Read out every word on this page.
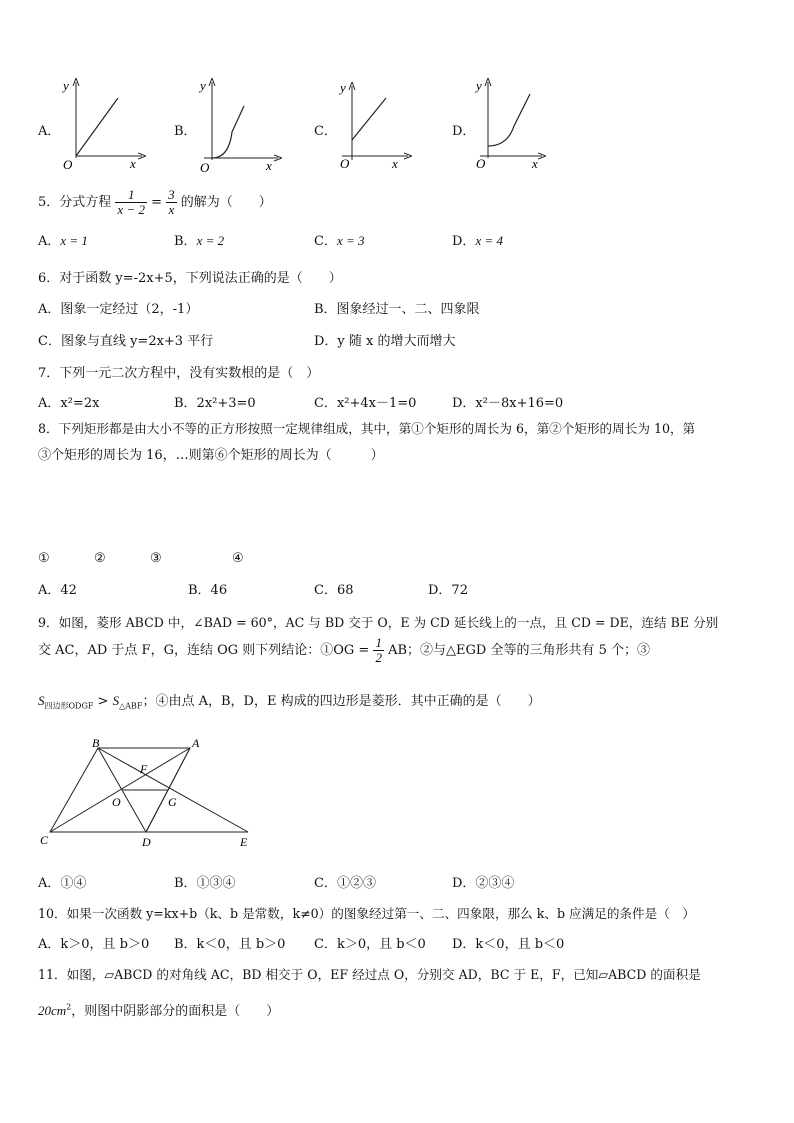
A．	B．	C．	D．
y
x
O
y
x
O
y
x
O
y
x
O
5．分式方程 $\frac{1}{x - 2} = \frac{3}{x}$ 的解为（　　）
A．x = 1	B．x = 2	C．x = 3	D．x = 4
6．对于函数 y=-2x+5，下列说法正确的是（　　）
A．图象一定经过（2，-1）	B．图象经过一、二、四象限
C．图象与直线 y=2x+3 平行	D．y 随 x 的增大而增大
7．下列一元二次方程中，没有实数根的是（　）
A．x²=2x	B．2x²+3=0	C．x²+4x－1=0	D．x²－8x+16=0
8．下列矩形都是由大小不等的正方形按照一定规律组成，其中，第①个矩形的周长为 6，第②个矩形的周长为 10，第
③个矩形的周长为 16，…则第⑥个矩形的周长为（　　　）
①	②	③	④
A．42	B．46	C．68	D．72
9．如图，菱形 ABCD 中，∠BAD = 60°，AC 与 BD 交于 O，E 为 CD 延长线上的一点，且 CD = DE，连结 BE 分别
交 AC，AD 于点 F，G，连结 OG 则下列结论：①OG = $\frac{1}{2}$ AB；②与△EGD 全等的三角形共有 5 个；③
$S_{四边形ODGF} > S_{\triangle ABF}$；④由点 A，B，D，E 构成的四边形是菱形．其中正确的是（　　）
B	A
F
O	G
C	D	E
A．①④	B．①③④	C．①②③	D．②③④
10．如果一次函数 y=kx+b（k、b 是常数，k≠0）的图象经过第一、二、四象限，那么 k、b 应满足的条件是（　）
A．k＞0，且 b＞0 B．k＜0，且 b＞0 C．k＞0，且 b＜0 D．k＜0，且 b＜0
11．如图，▱ABCD 的对角线 AC，BD 相交于 O，EF 经过点 O，分别交 AD，BC 于 E，F，已知▱ABCD 的面积是
$20cm^2$，则图中阴影部分的面积是（　　）
